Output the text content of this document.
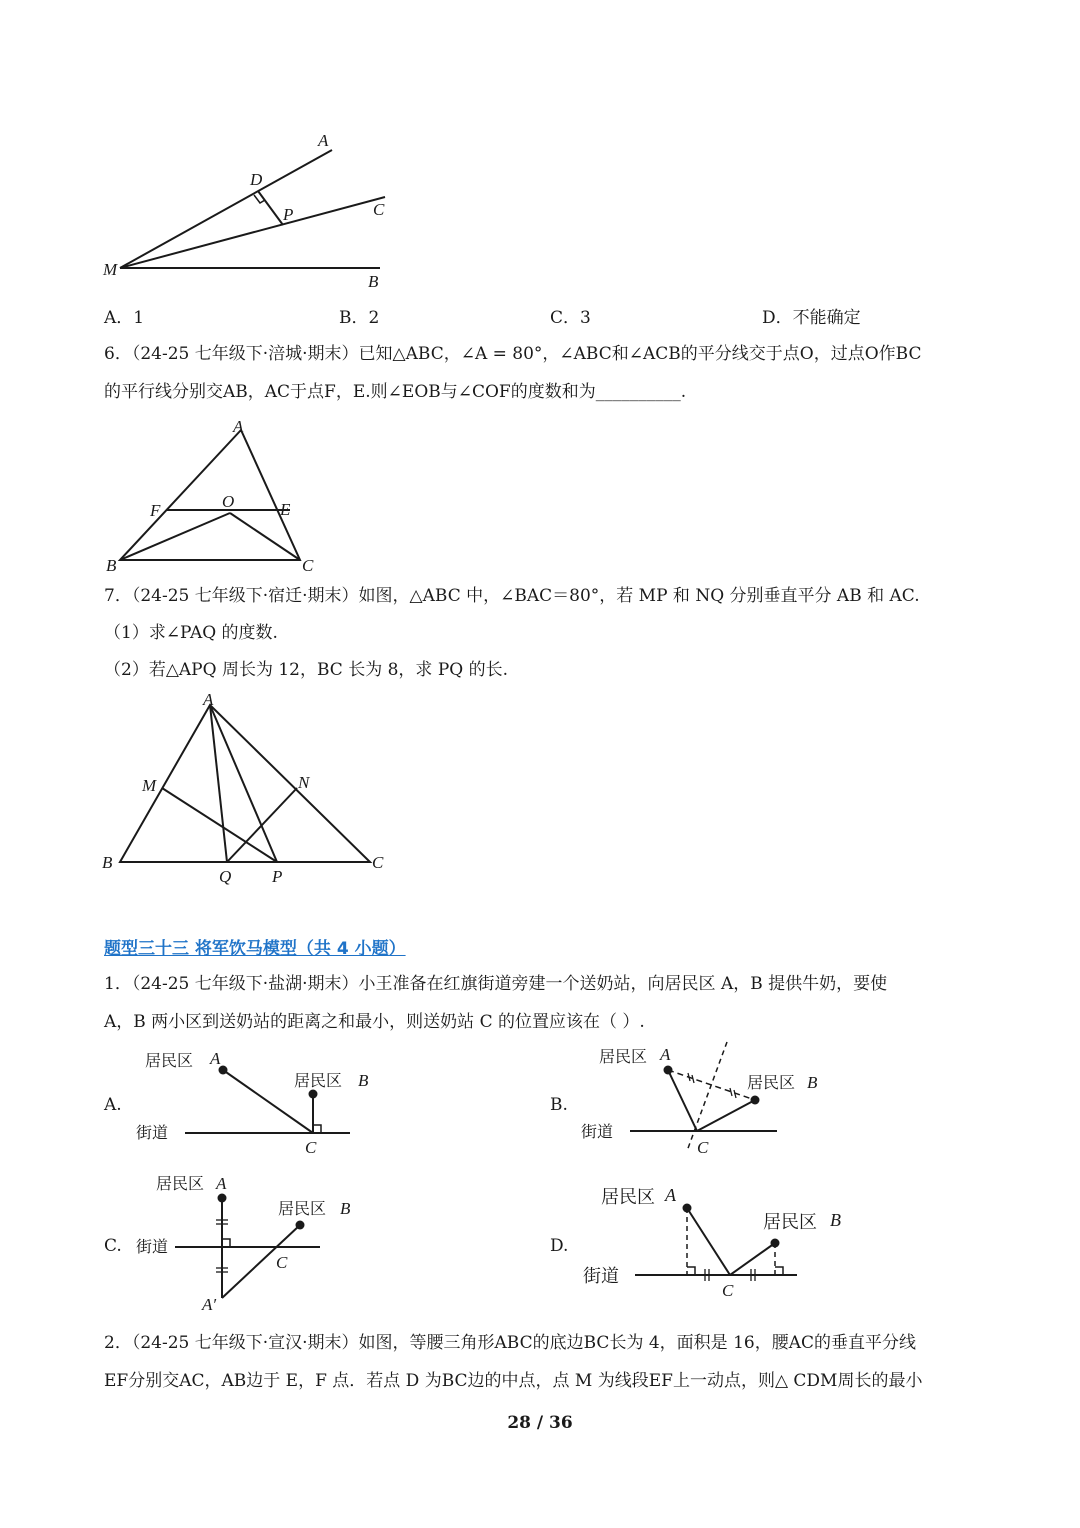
A
D
P	C
M
B
A．1	B．2	C．3	D．不能确定
6．（24-25 七年级下·涪城·期末）已知△ABC，∠A = 80°，∠ABC和∠ACB的平分线交于点O，过点O作BC
的平行线分别交AB，AC于点F，E.则∠EOB与∠COF的度数和为__________.
A
F	O	E
B	C
7．（24-25 七年级下·宿迁·期末）如图，△ABC 中，∠BAC＝80°，若 MP 和 NQ 分别垂直平分 AB 和 AC.
（1）求∠PAQ 的度数.
（2）若△APQ 周长为 12，BC 长为 8，求 PQ 的长.
A
M	N
B
Q P
C
题型三十三 将军饮马模型（共 4 小题）
1．（24-25 七年级下·盐湖·期末）小王准备在红旗街道旁建一个送奶站，向居民区 A，B 提供牛奶，要使
A，B 两小区到送奶站的距离之和最小，则送奶站 C 的位置应该在（ ）.
A.	B.
C.	D.
居民区 A
居民区 B
街道
C
居民区 A
居民区 B
街道
C
居民区 A
居民区 B
街道
C
A′
居民区 A
居民区 B
街道
C
2．（24-25 七年级下·宣汉·期末）如图，等腰三角形ABC的底边BC长为 4，面积是 16，腰AC的垂直平分线
EF分别交AC，AB边于 E，F 点．若点 D 为BC边的中点，点 M 为线段EF上一动点，则△ CDM周长的最小
28 / 36
